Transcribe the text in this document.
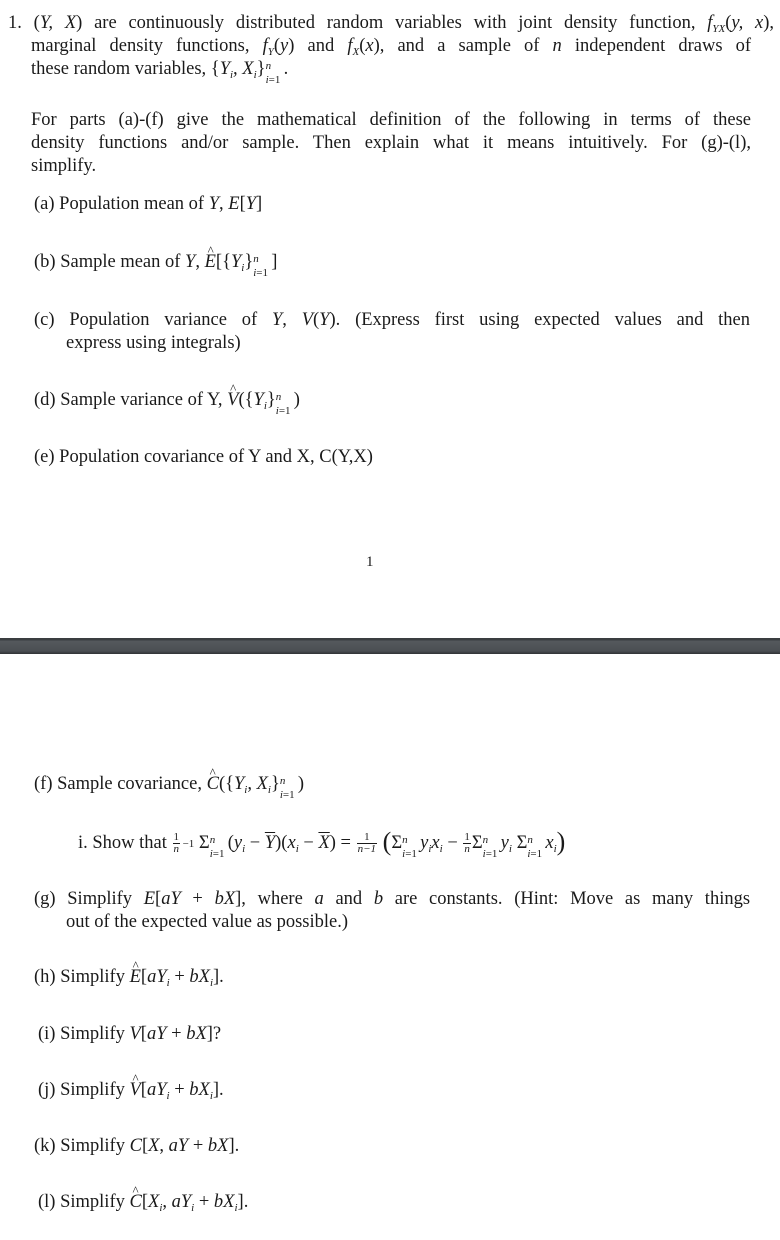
1. (Y, X) are continuously distributed random variables with joint density function, $f_{YX}(y$, x),
marginal density functions, $f_Y(y)$ and $f_X(x)$, and a sample of n independent draws of
these random variables, {$Y_i$, $X_i$} n
i=1
.
For parts (a)-(f) give the mathematical definition of the following in terms of these
density functions and/or sample. Then explain what it means intuitively. For (g)-(l),
simplify.
(a) Population mean of Y, E[Y]
(b) Sample mean of Y, ^ $E[\{Y_i\}$ n
i=1
]
(c) Population variance of Y, V(Y). (Express first using expected values and then
express using integrals)
(d) Sample variance of Y, ^ $V(\{Y_i\}$ n
i=1
)
(e) Population covariance of Y and X, C(Y,X)
1
(f) Sample covariance, ^ $C(\{Y_i$, $X_i$} n
i=1
)
i. Show that $\frac{1}{n}$
  −1 Σ n
i=1
$(y_i - \overline{Y})(x_i - \overline{X}) = \frac{1}{n-1} (\Sigma$ n
i=1
$y_ix_i - \frac{1}{n}$ Σ n
i=1
$y_i$ Σ n
i=1
$x_i$)
(g) Simplify E[aY + bX], where a and b are constants. (Hint: Move as many things
out of the expected value as possible.)
(h) Simplify ^ $E[aY_i + bX_i]$.
(i) Simplify V[aY + bX]?
(j) Simplify ^ $V[aY_i + bX_i]$.
(k) Simplify C[X, aY + bX].
(l) Simplify ^ $C[X_i$, $aY_i + bX_i$].
